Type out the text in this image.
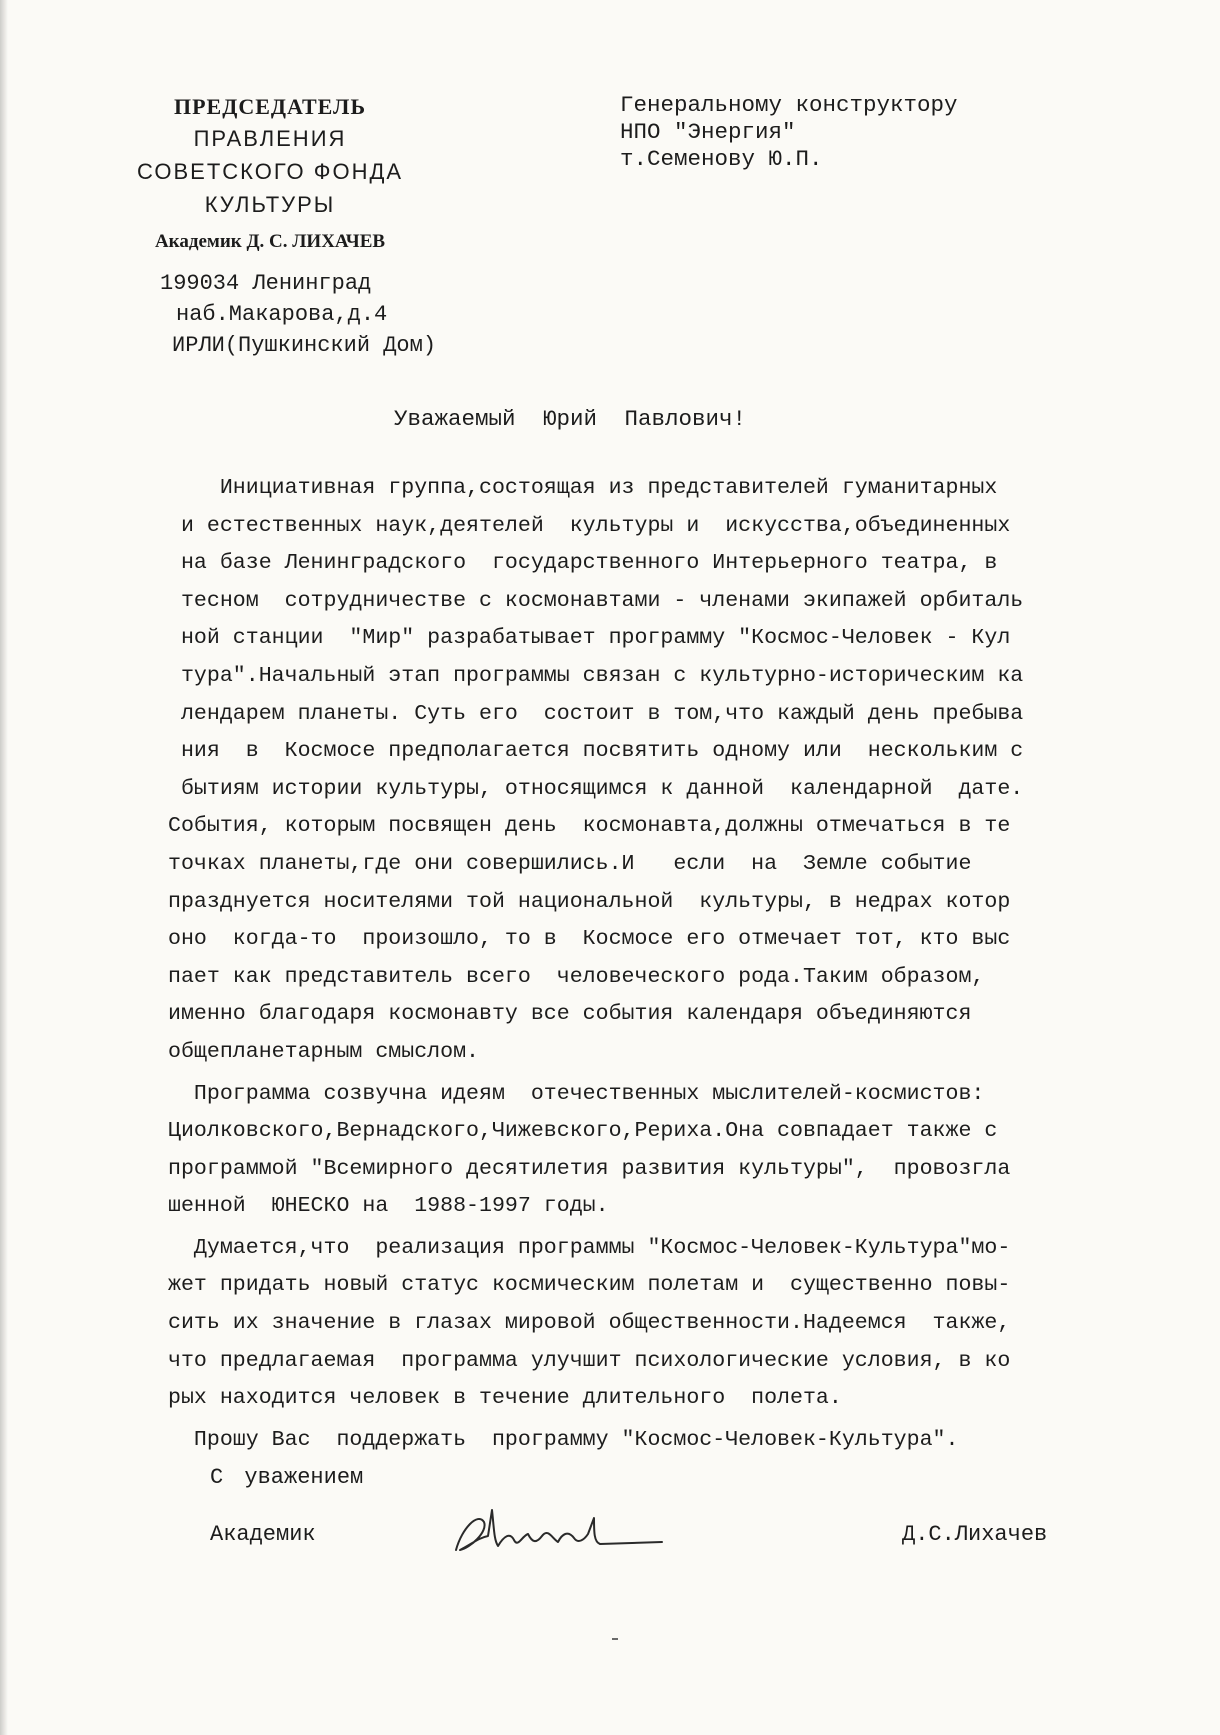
ПРЕДСЕДАТЕЛЬ
ПРАВЛЕНИЯ
СОВЕТСКОГО ФОНДА
КУЛЬТУРЫ
Академик Д. С. ЛИХАЧЕВ
199034 Ленинград
наб.Макарова,д.4
ИРЛИ(Пушкинский Дом)
Генеральному конструктору
НПО "Энергия"
т.Семенову Ю.П.
Уважаемый Юрий Павлович!
Инициативная группа,состоящая из представителей гуманитарных
и естественных наук,деятелей  культуры и  искусства,объединенных
на базе Ленинградского  государственного Интерьерного театра, в
тесном  сотрудничестве с космонавтами - членами экипажей орбиталь
ной станции  "Мир" разрабатывает программу "Космос-Человек - Кул
тура".Начальный этап программы связан с культурно-историческим ка
лендарем планеты. Суть его  состоит в том,что каждый день пребыва
ния  в  Космосе предполагается посвятить одному или  нескольким с
бытиям истории культуры, относящимся к данной  календарной  дате.
События, которым посвящен день  космонавта,должны отмечаться в те
точках планеты,где они совершились.И   если  на  Земле событие
празднуется носителями той национальной  культуры, в недрах котор
оно  когда-то  произошло, то в  Космосе его отмечает тот, кто выс
пает как представитель всего  человеческого рода.Таким образом,
именно благодаря космонавту все события календаря объединяются
общепланетарным смыслом.
Программа созвучна идеям  отечественных мыслителей-космистов:
Циолковского,Вернадского,Чижевского,Рериха.Она совпадает также с
программой "Всемирного десятилетия развития культуры",  провозгла
шенной  ЮНЕСКО на  1988-1997 годы.
Думается,что  реализация программы "Космос-Человек-Культура"мо-
жет придать новый статус космическим полетам и  существенно повы-
сить их значение в глазах мировой общественности.Надеемся  также,
что предлагаемая  программа улучшит психологические условия, в ко
рых находится человек в течение длительного  полета.
Прошу Вас  поддержать  программу "Космос-Человек-Культура".
С уважением
Академик	Д.С.Лихачев
